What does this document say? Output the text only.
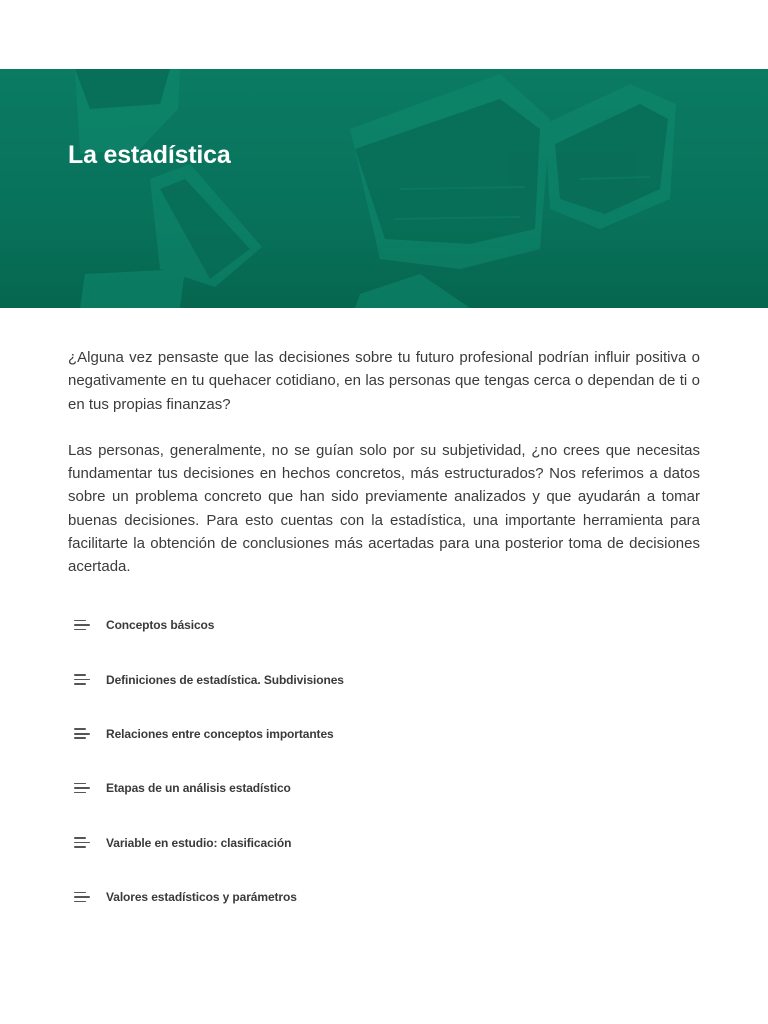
La estadística

¿Alguna vez pensaste que las decisiones sobre tu futuro profesional podrían influir positiva o negativamente en tu quehacer cotidiano, en las personas que tengas cerca o dependan de ti o en tus propias finanzas?

Las personas, generalmente, no se guían solo por su subjetividad, ¿no crees que necesitas fundamentar tus decisiones en hechos concretos, más estructurados? Nos referimos a datos sobre un problema concreto que han sido previamente analizados y que ayudarán a tomar buenas decisiones. Para esto cuentas con la estadística, una importante herramienta para facilitarte la obtención de conclusiones más acertadas para una posterior toma de decisiones acertada.

Conceptos básicos
Definiciones de estadística. Subdivisiones
Relaciones entre conceptos importantes
Etapas de un análisis estadístico
Variable en estudio: clasificación
Valores estadísticos y parámetros
